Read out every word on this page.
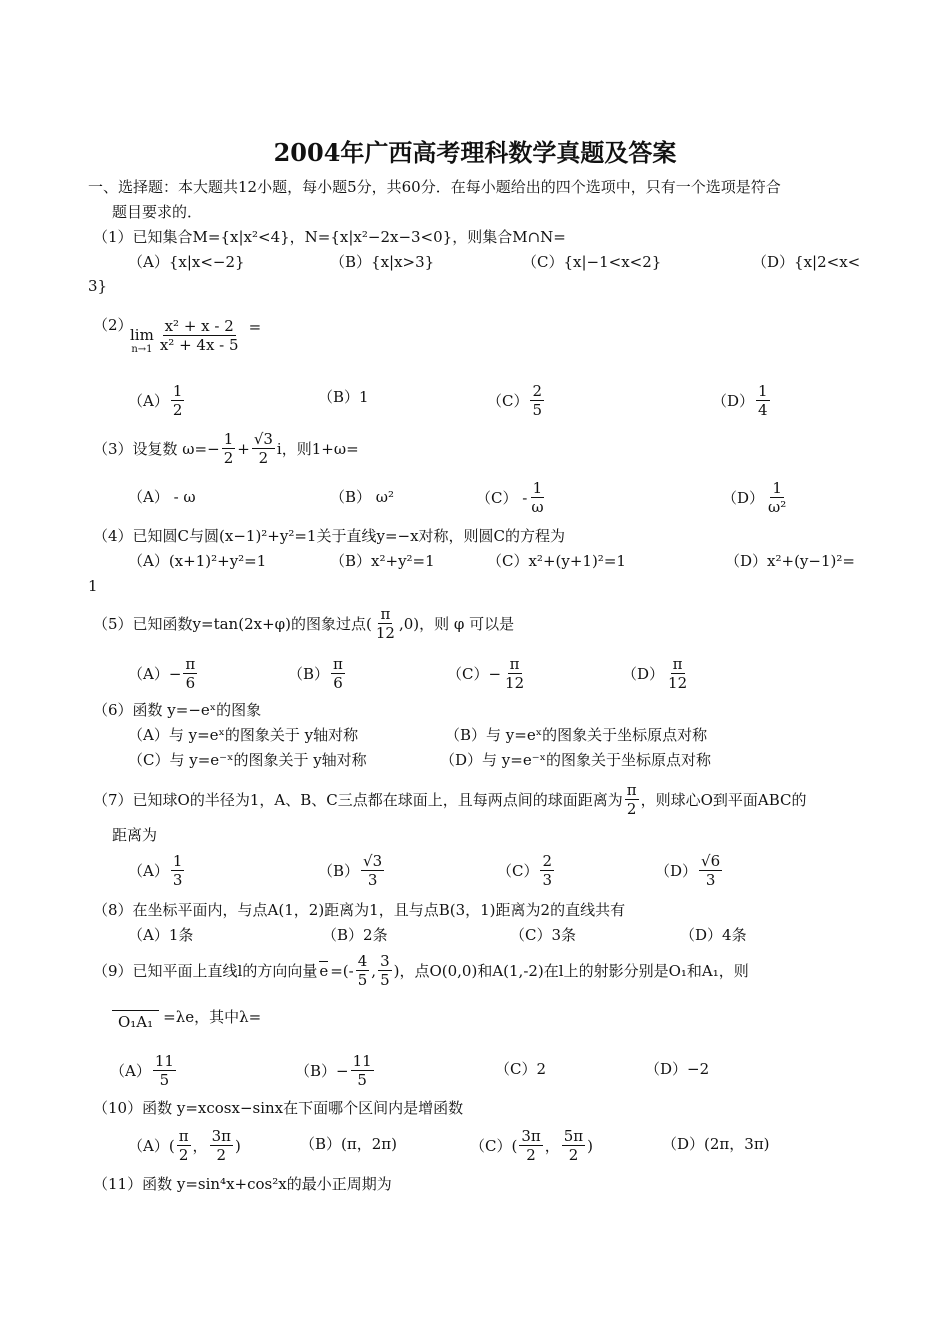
2004年广西高考理科数学真题及答案
一、选择题：本大题共12小题，每小题5分，共60分．在每小题给出的四个选项中，只有一个选项是符合
题目要求的．
（1）已知集合M={x|x²<4}，N={x|x²−2x−3<0}，则集合M∩N=
（A）{x|x<−2}	（B）{x|x>3}	（C）{x|−1<x<2}	（D）{x|2<x<
3}
（2）
lim
$n\to 1 \frac{\text{x² + x - 2}}{\text{x² + 4x - 5}}$ =
$(A) \frac{1}{2}$	（B）1	$(C) \frac{2}{5}$	$(D) \frac{1}{4}$
（3）设复数 $\omega=- \frac{1}{2} + \frac{√3}{2}$ i，则1+ω=
（A） - ω	（B） ω²	$(C) - \frac{1}{\omega}$	$(D) \frac{1}{\text{ω²}}$
（4）已知圆C与圆(x−1)²+y²=1关于直线y=−x对称，则圆C的方程为
（A）(x+1)²+y²=1	（B）x²+y²=1	（C）x²+(y+1)²=1	（D）x²+(y−1)²=
1
（5）已知函数y=tan(2x+φ)的图象过点( $\frac{\pi}{12} ,0$)，则 φ 可以是
$(A)- \frac{\pi}{6}$	$(B) \frac{\pi}{6}$	$(C)- \frac{\pi}{12}$	$(D) \frac{\pi}{12}$
（6）函数 y=−eˣ的图象
（A）与 y=eˣ的图象关于 y轴对称	（B）与 y=eˣ的图象关于坐标原点对称
（C）与 y=e⁻ˣ的图象关于 y轴对称	（D）与 y=e⁻ˣ的图象关于坐标原点对称
（7）已知球O的半径为1，A、B、C三点都在球面上，且每两点间的球面距离为 $\frac{\pi}{2}$ ，则球心O到平面ABC的
距离为
$(A) \frac{1}{3}$	$(B) \frac{√3}{3}$	$(C) \frac{2}{3}$	$(D) \frac{√6}{3}$
（8）在坐标平面内，与点A(1，2)距离为1，且与点B(3，1)距离为2的直线共有
（A）1条	（B）2条	（C）3条	（D）4条
（9）已知平面上直线l的方向向量 e =(- $\frac{4}{5}$ , $\frac{3}{5}$ )，点O(0,0)和A(1,-2)在l上的射影分别是O₁和A₁，则
O₁A₁ =λe，其中λ=
$(A) \frac{11}{5}$	$(B)- \frac{11}{5}$	（C）2	（D）−2
（10）函数 y=xcosx−sinx在下面哪个区间内是增函数
$(A)( \frac{\pi}{2}$ ， $\frac{3\pi}{2}$ )	（B）(π，2π)	$(C)( \frac{3\pi}{2}$ ， $\frac{5\pi}{2}$ )	（D）(2π，3π)
（11）函数 y=sin⁴x+cos²x的最小正周期为
